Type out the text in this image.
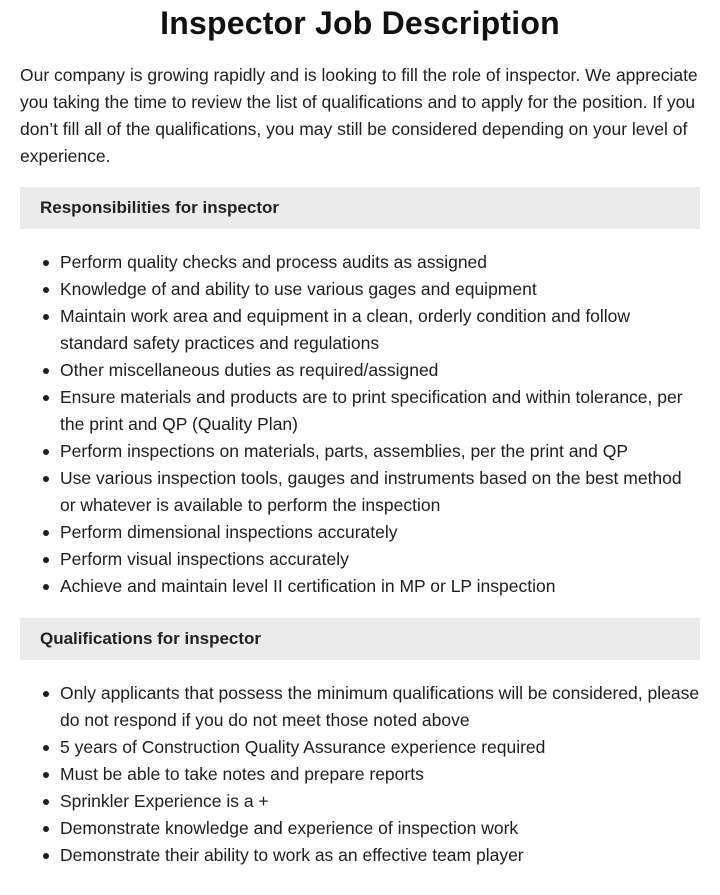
Inspector Job Description

Our company is growing rapidly and is looking to fill the role of inspector. We appreciate you taking the time to review the list of qualifications and to apply for the position. If you don’t fill all of the qualifications, you may still be considered depending on your level of experience.

Responsibilities for inspector
Perform quality checks and process audits as assigned
Knowledge of and ability to use various gages and equipment
Maintain work area and equipment in a clean, orderly condition and follow standard safety practices and regulations
Other miscellaneous duties as required/assigned
Ensure materials and products are to print specification and within tolerance, per the print and QP (Quality Plan)
Perform inspections on materials, parts, assemblies, per the print and QP
Use various inspection tools, gauges and instruments based on the best method or whatever is available to perform the inspection
Perform dimensional inspections accurately
Perform visual inspections accurately
Achieve and maintain level II certification in MP or LP inspection
Qualifications for inspector
Only applicants that possess the minimum qualifications will be considered, please do not respond if you do not meet those noted above
5 years of Construction Quality Assurance experience required
Must be able to take notes and prepare reports
Sprinkler Experience is a +
Demonstrate knowledge and experience of inspection work
Demonstrate their ability to work as an effective team player
